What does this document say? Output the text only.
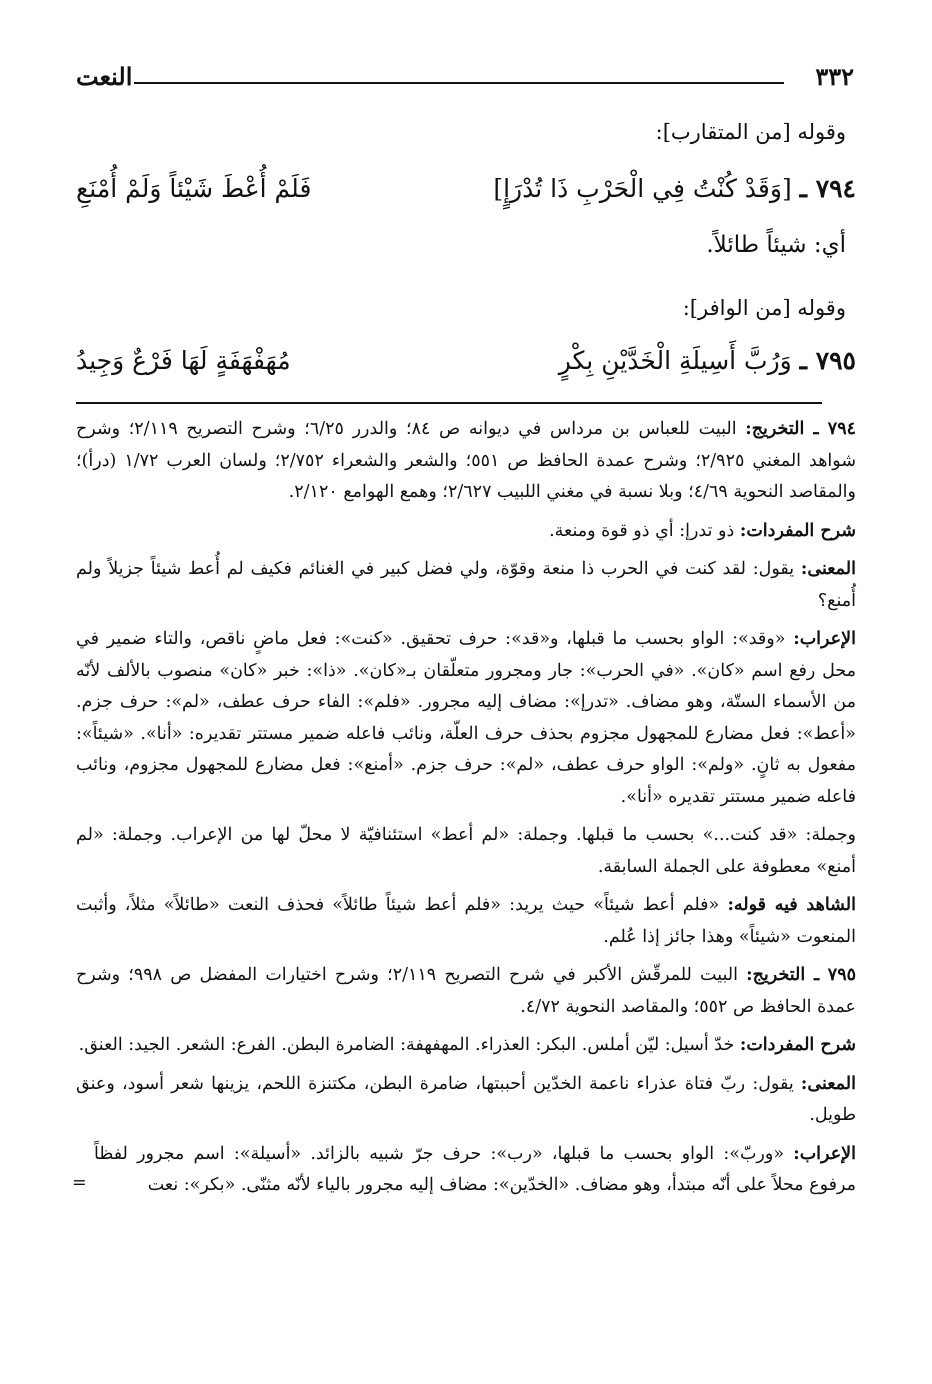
٣٣٢
النعت
وقوله [من المتقارب]:
٧٩٤ ـ [وَقَدْ كُنْتُ فِي الْحَرْبِ ذَا تُدْرَإٍ]
فَلَمْ أُعْطَ شَيْئاً وَلَمْ أُمْنَعِ
أي: شيئاً طائلاً.
وقوله [من الوافر]:
٧٩٥ ـ وَرُبَّ أَسِيلَةِ الْخَدَّيْنِ بِكْرٍ
مُهَفْهَفَةٍ لَهَا فَرْعٌ وَجِيدُ

٧٩٤ ـ التخريج: البيت للعباس بن مرداس في ديوانه ص ٨٤؛ والدرر ٦/٢٥؛ وشرح التصريح ٢/١١٩؛ وشرح شواهد المغني ٢/٩٢٥؛ وشرح عمدة الحافظ ص ٥٥١؛ والشعر والشعراء ٢/٧٥٢؛ ولسان العرب ١/٧٢ (درأ)؛ والمقاصد النحوية ٤/٦٩؛ وبلا نسبة في مغني اللبيب ٢/٦٢٧؛ وهمع الهوامع ٢/١٢٠.

شرح المفردات: ذو تدرإ: أي ذو قوة ومنعة.

المعنى: يقول: لقد كنت في الحرب ذا منعة وقوّة، ولي فضل كبير في الغنائم فكيف لم أُعط شيئاً جزيلاً ولم أُمنع؟

الإعراب: «وقد»: الواو بحسب ما قبلها، و«قد»: حرف تحقيق. «كنت»: فعل ماضٍ ناقص، والتاء ضمير في محل رفع اسم «كان». «في الحرب»: جار ومجرور متعلّقان بـ«كان». «ذا»: خبر «كان» منصوب بالألف لأنّه من الأسماء الستّة، وهو مضاف. «تدرإ»: مضاف إليه مجرور. «فلم»: الفاء حرف عطف، «لم»: حرف جزم. «أعط»: فعل مضارع للمجهول مجزوم بحذف حرف العلّة، ونائب فاعله ضمير مستتر تقديره: «أنا». «شيئاً»: مفعول به ثانٍ. «ولم»: الواو حرف عطف، «لم»: حرف جزم. «أمنع»: فعل مضارع للمجهول مجزوم، ونائب فاعله ضمير مستتر تقديره «أنا».

وجملة: «قد كنت...» بحسب ما قبلها. وجملة: «لم أعط» استئنافيّة لا محلّ لها من الإعراب. وجملة: «لم أمنع» معطوفة على الجملة السابقة.

الشاهد فيه قوله: «فلم أعط شيئاً» حيث يريد: «فلم أعط شيئاً طائلاً» فحذف النعت «طائلاً» مثلاً، وأثبت المنعوت «شيئاً» وهذا جائز إذا عُلم.

٧٩٥ ـ التخريج: البيت للمرقّش الأكبر في شرح التصريح ٢/١١٩؛ وشرح اختيارات المفضل ص ٩٩٨؛ وشرح عمدة الحافظ ص ٥٥٢؛ والمقاصد النحوية ٤/٧٢.

شرح المفردات: خدّ أسيل: ليّن أملس. البكر: العذراء. المهفهفة: الضامرة البطن. الفرع: الشعر. الجيد: العنق.

المعنى: يقول: ربّ فتاة عذراء ناعمة الخدّين أحببتها، ضامرة البطن، مكتنزة اللحم، يزينها شعر أسود، وعنق طويل.

الإعراب: «وربّ»: الواو بحسب ما قبلها، «رب»: حرف جرّ شبيه بالزائد. «أسيلة»: اسم مجرور لفظاً مرفوع محلاً على أنّه مبتدأ، وهو مضاف. «الخدّين»: مضاف إليه مجرور بالياء لأنّه مثنّى. «بكر»: نعت
=
